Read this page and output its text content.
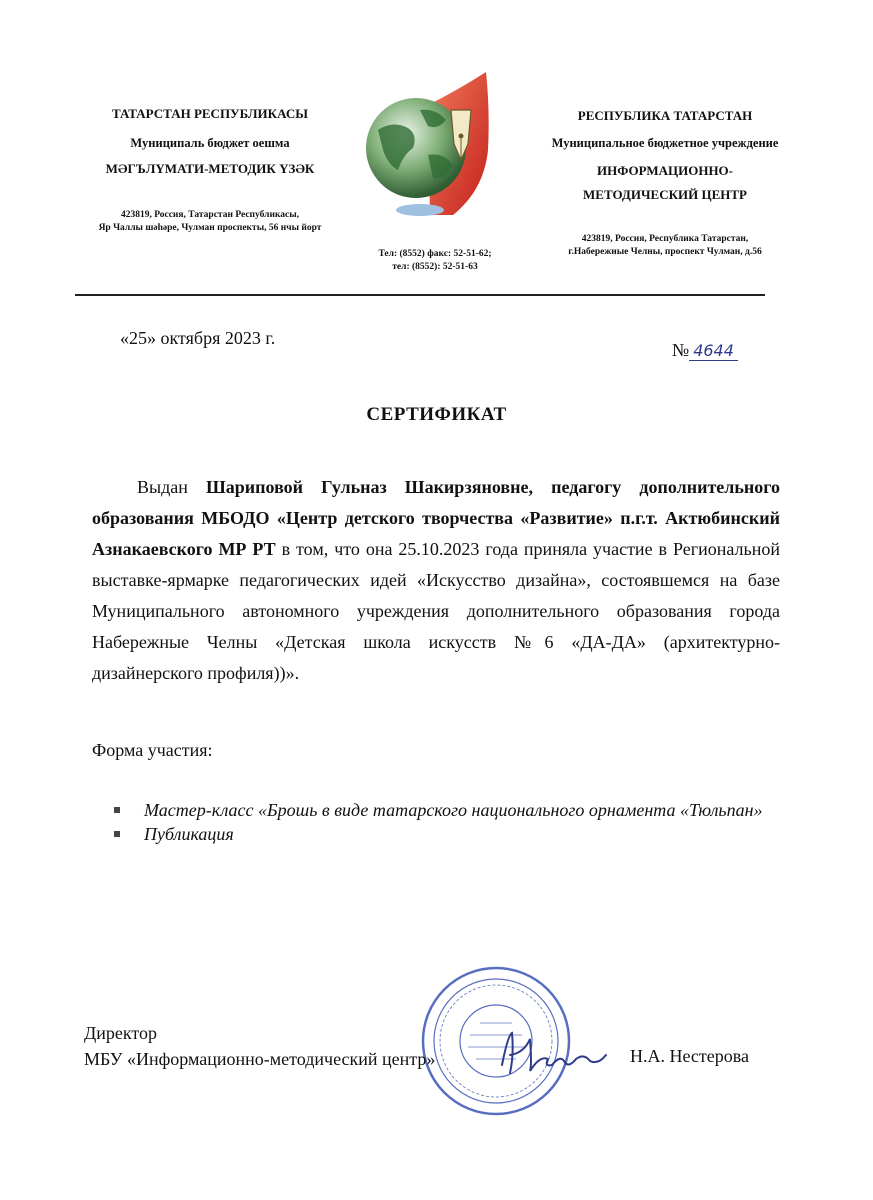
ТАТАРСТАН РЕСПУБЛИКАСЫ
Муниципаль бюджет оешма
МӘГЪЛҮМАТИ-МЕТОДИК ҮЗӘК
423819, Россия, Татарстан Республикасы,
Яр Чаллы шәһәре, Чулман проспекты, 56 нчы йорт
Тел: (8552) факс: 52-51-62;
тел: (8552): 52-51-63
РЕСПУБЛИКА ТАТАРСТАН
Муниципальное бюджетное учреждение
ИНФОРМАЦИОННО-
МЕТОДИЧЕСКИЙ ЦЕНТР
423819, Россия, Республика Татарстан,
г.Набережные Челны, проспект Чулман, д.56
«25» октября 2023 г.
№ 4644
СЕРТИФИКАТ

Выдан Шариповой Гульназ Шакирзяновне, педагогу дополнительного образования МБОДО «Центр детского творчества «Развитие» п.г.т. Актюбинский Азнакаевского МР РТ в том, что она 25.10.2023 года приняла участие в Региональной выставке-ярмарке педагогических идей «Искусство дизайна», состоявшемся на базе Муниципального автономного учреждения дополнительного образования города Набережные Челны «Детская школа искусств №6 «ДА-ДА» (архитектурно-дизайнерского профиля))».

Форма участия:
Мастер-класс «Брошь в виде татарского национального орнамента «Тюльпан»
Публикация
Директор
МБУ «Информационно-методический центр»	Н.А. Нестерова
